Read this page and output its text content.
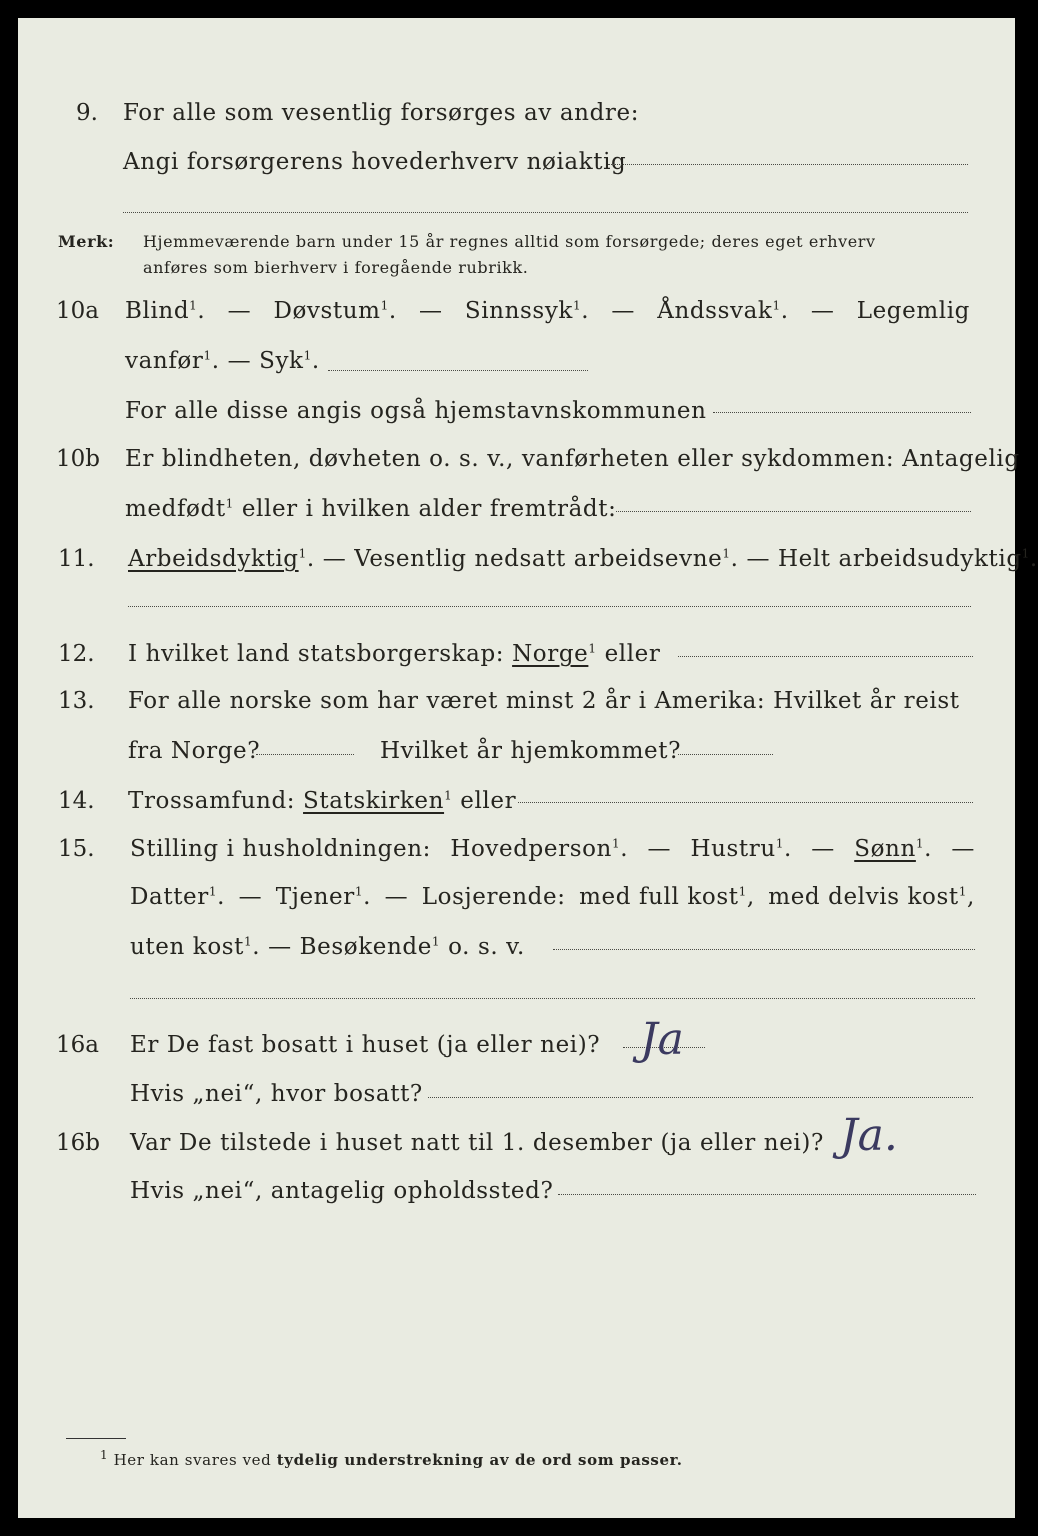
9. For alle som vesentlig forsørges av andre:
Angi forsørgerens hovederhverv nøiaktig
Merk: Hjemmeværende barn under 15 år regnes alltid som forsørgede; deres eget erhverv
anføres som bierhverv i foregående rubrikk.
10a Blind$^1$. — Døvstum$^1$. — Sinnssyk$^1$. — Åndssvak$^1$. — Legemlig
vanfør$^1$. — Syk$^1$.
For alle disse angis også hjemstavnskommunen
10b Er blindheten, døvheten o. s. v., vanførheten eller sykdommen: Antagelig
medfødt$^1$ eller i hvilken alder fremtrådt:
11. Arbeidsdyktig$^1$. — Vesentlig nedsatt arbeidsevne$^1$. — Helt arbeidsudyktig$^1$.
12. I hvilket land statsborgerskap: Norge$^1$ eller
13. For alle norske som har været minst 2 år i Amerika: Hvilket år reist
fra Norge?	Hvilket år hjemkommet?
14. Trossamfund: Statskirken$^1$ eller
15. Stilling i husholdningen: Hovedperson$^1$. — Hustru$^1$. — Sønn$^1$. —
Datter$^1$. — Tjener$^1$. — Losjerende: med full kost$^1$, med delvis kost$^1$,
uten kost$^1$. — Besøkende$^1$ o. s. v.
16a Er De fast bosatt i huset (ja eller nei)? Ja
Hvis „nei“, hvor bosatt?
16b Var De tilstede i huset natt til 1. desember (ja eller nei)? Ja.
Hvis „nei“, antagelig opholdssted?
$^1$ Her kan svares ved tydelig understrekning av de ord som passer.
